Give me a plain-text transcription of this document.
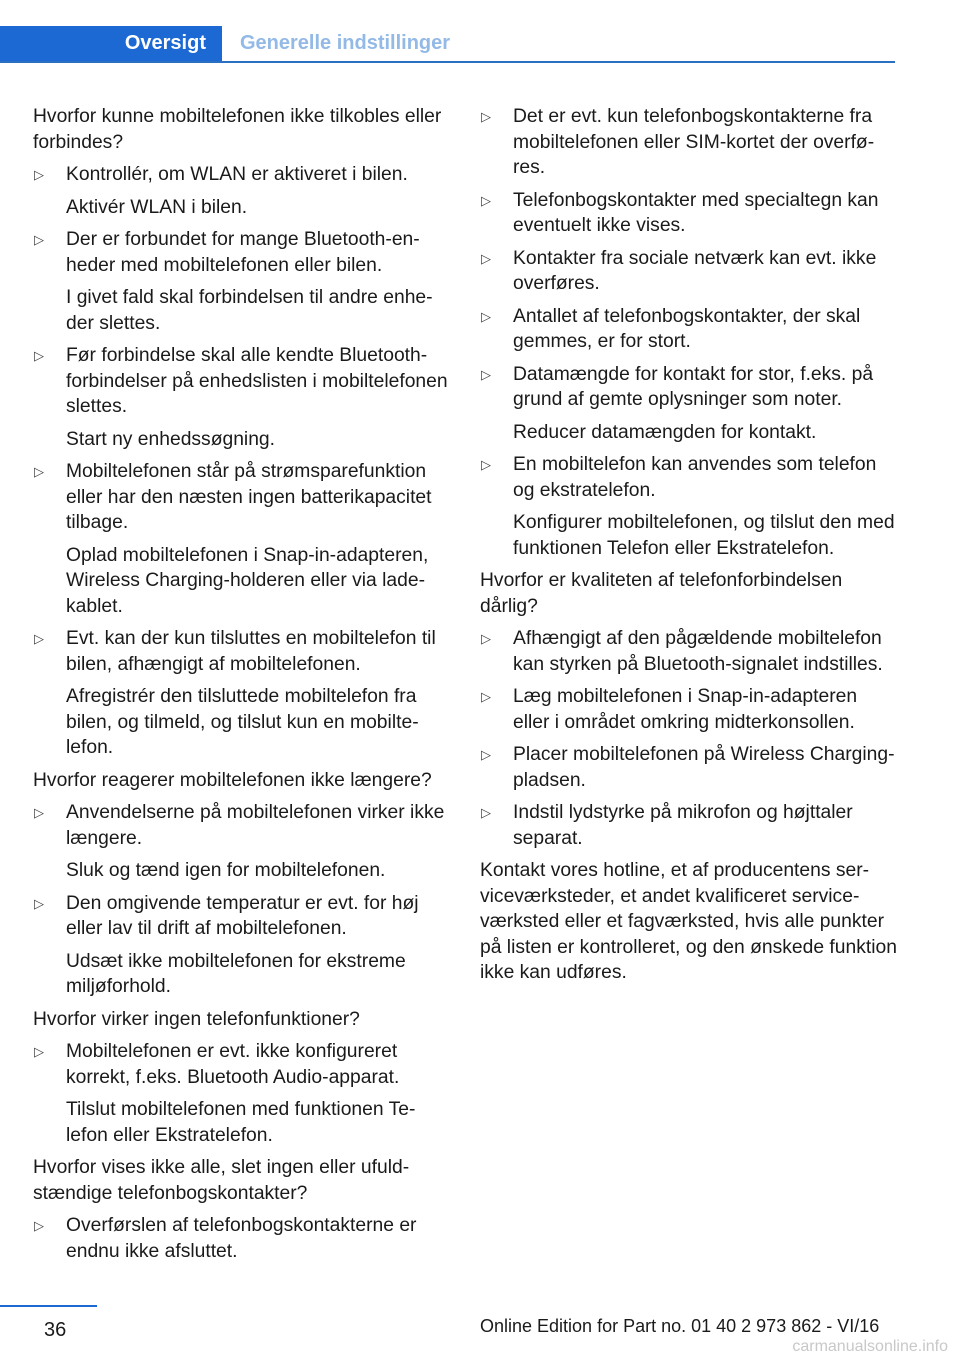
Oversigt	Generelle indstillinger
Hvorfor kunne mobiltelefonen ikke tilkobles eller forbindes?
▷ Kontrollér, om WLAN er aktiveret i bilen.
Aktivér WLAN i bilen.
▷ Der er forbundet for mange Bluetooth-enheder med mobiltelefonen eller bilen.
I givet fald skal forbindelsen til andre enheder slettes.
▷ Før forbindelse skal alle kendte Bluetooth-forbindelser på enhedslisten i mobiltelefonen slettes.
Start ny enhedssøgning.
▷ Mobiltelefonen står på strømsparefunktion eller har den næsten ingen batterikapacitet tilbage.
Oplad mobiltelefonen i Snap-in-adapteren, Wireless Charging-holderen eller via ladekablet.
▷ Evt. kan der kun tilsluttes en mobiltelefon til bilen, afhængigt af mobiltelefonen.
Afregistrér den tilsluttede mobiltelefon fra bilen, og tilmeld, og tilslut kun en mobiltelefon.
Hvorfor reagerer mobiltelefonen ikke længere?
▷ Anvendelserne på mobiltelefonen virker ikke længere.
Sluk og tænd igen for mobiltelefonen.
▷ Den omgivende temperatur er evt. for høj eller lav til drift af mobiltelefonen.
Udsæt ikke mobiltelefonen for ekstreme miljøforhold.
Hvorfor virker ingen telefonfunktioner?
▷ Mobiltelefonen er evt. ikke konfigureret korrekt, f.eks. Bluetooth Audio-apparat.
Tilslut mobiltelefonen med funktionen Telefon eller Ekstratelefon.
Hvorfor vises ikke alle, slet ingen eller ufuldstændige telefonbogskontakter?
▷ Overførslen af telefonbogskontakterne er endnu ikke afsluttet.
▷ Det er evt. kun telefonbogskontakterne fra mobiltelefonen eller SIM-kortet der overføres.
▷ Telefonbogskontakter med specialtegn kan eventuelt ikke vises.
▷ Kontakter fra sociale netværk kan evt. ikke overføres.
▷ Antallet af telefonbogskontakter, der skal gemmes, er for stort.
▷ Datamængde for kontakt for stor, f.eks. på grund af gemte oplysninger som noter.
Reducer datamængden for kontakt.
▷ En mobiltelefon kan anvendes som telefon og ekstratelefon.
Konfigurer mobiltelefonen, og tilslut den med funktionen Telefon eller Ekstratelefon.
Hvorfor er kvaliteten af telefonforbindelsen dårlig?
▷ Afhængigt af den pågældende mobiltelefon kan styrken på Bluetooth-signalet indstilles.
▷ Læg mobiltelefonen i Snap-in-adapteren eller i området omkring midterkonsollen.
▷ Placer mobiltelefonen på Wireless Charging-pladsen.
▷ Indstil lydstyrke på mikrofon og højttaler separat.
Kontakt vores hotline, et af producentens serviceværksteder, et andet kvalificeret serviceværksted eller et fagværksted, hvis alle punkter på listen er kontrolleret, og den ønskede funktion ikke kan udføres.
36	Online Edition for Part no. 01 40 2 973 862 - VI/16
carmanualsonline.info
